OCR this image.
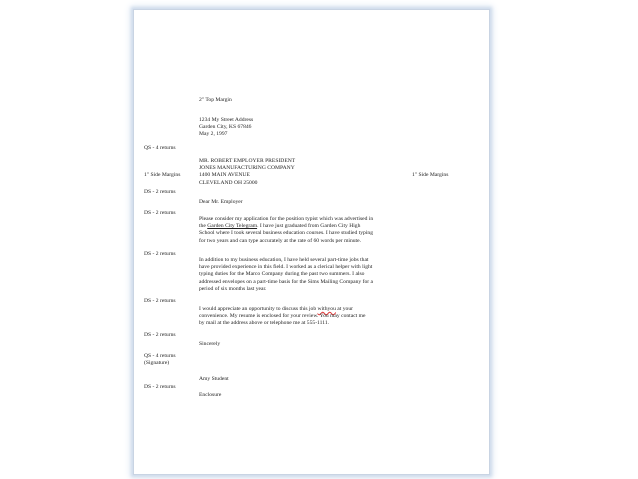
QS - 4 returns
1" Side Margins
DS - 2 returns
DS - 2 returns
DS - 2 returns
DS - 2 returns
DS - 2 returns
QS - 4 returns
(Signature)
DS - 2 returns
1" Side Margins
2" Top Margin
1234 My Street Address
Garden City, KS 67846
May 2, 1997
MR. ROBERT EMPLOYER PRESIDENT
JONES MANUFACTURING COMPANY
1400 MAIN AVENUE
CLEVELAND OH 25000
Dear Mr. Employer
Please consider my application for the position typist which was advertised in
the Garden City Telegram. I have just graduated from Garden City High
School where I took several business education courses. I have studied typing
for two years and can type accurately at the rate of 60 words per minute.
In addition to my business education, I have held several part-time jobs that
have provided experience in this field. I worked as a clerical helper with light
typing duties for the Marco Company during the past two summers. I also
addressed envelopes on a part-time basis for the Sims Mailing Company for a
period of six months last year.
I would appreciate an opportunity to discuss this job withyou at your
convenience. My resume is enclosed for your review. You may contact me
by mail at the address above or telephone me at 555-1111.
Sincerely
Amy Student
Enclosure
